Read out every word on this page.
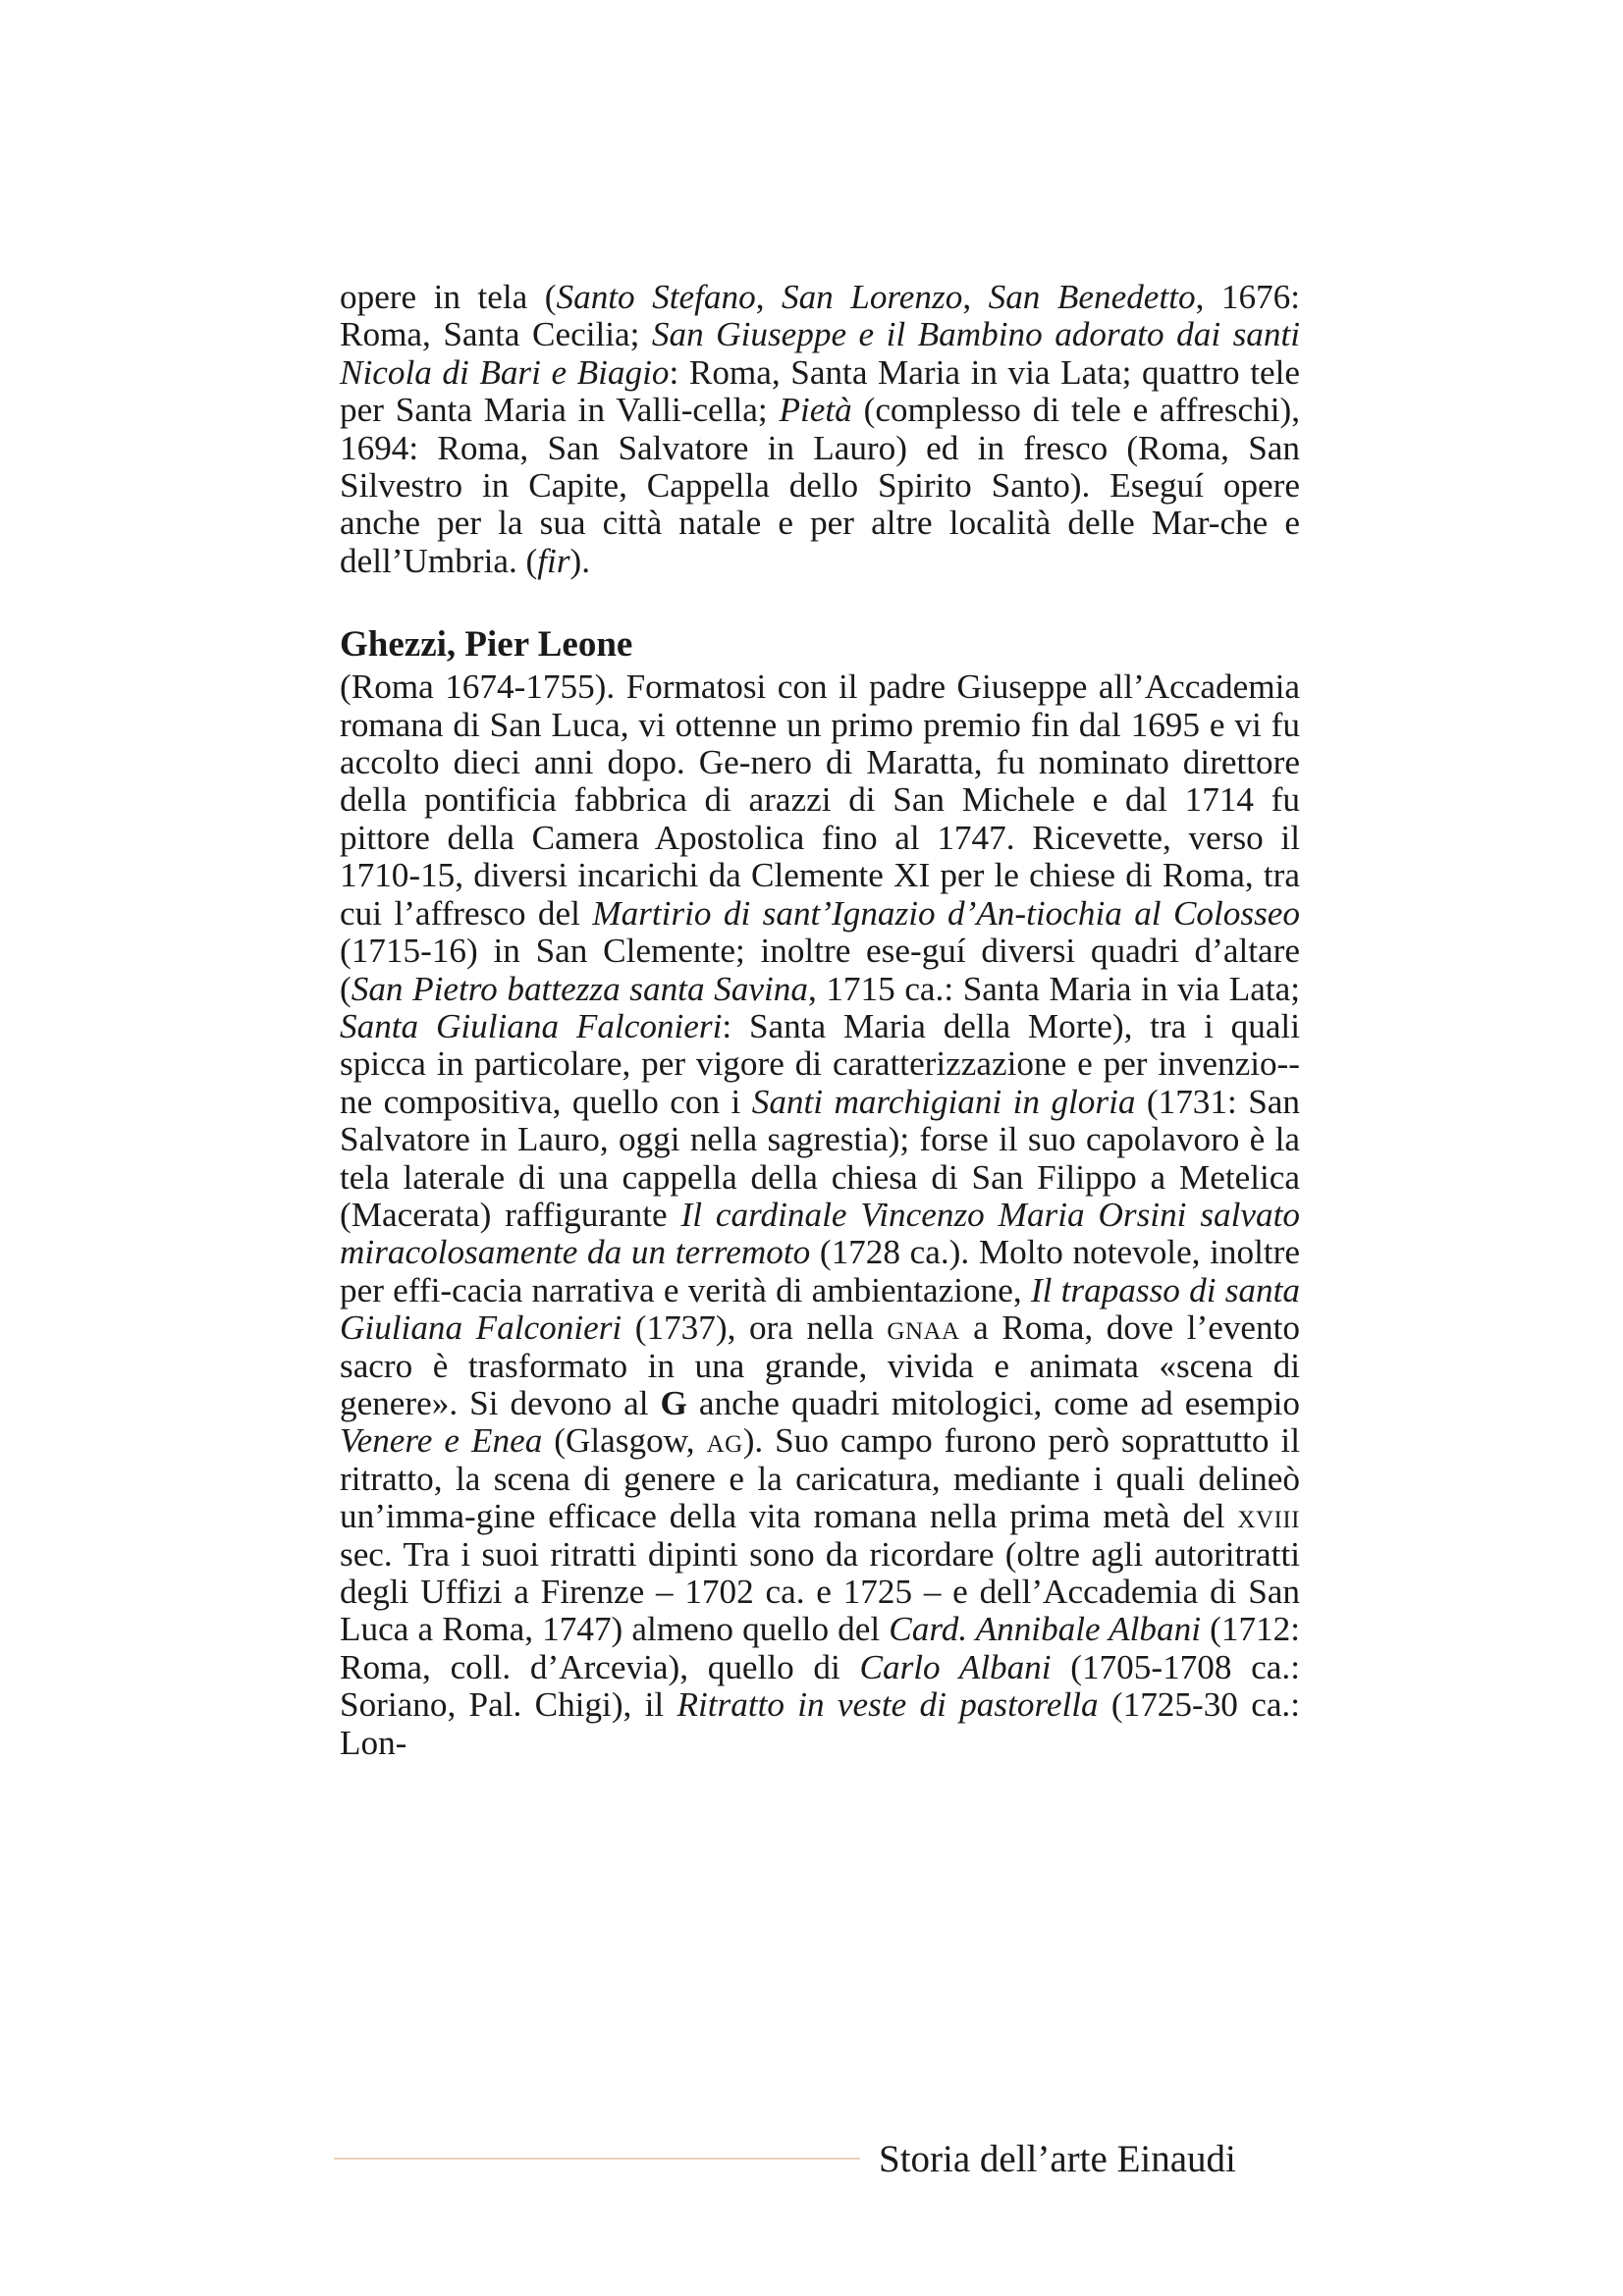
opere in tela (Santo Stefano, San Lorenzo, San Benedetto, 1676: Roma, Santa Cecilia; San Giuseppe e il Bambino adorato dai santi Nicola di Bari e Biagio: Roma, Santa Maria in via Lata; quattro tele per Santa Maria in Valli-cella; Pietà (complesso di tele e affreschi), 1694: Roma, San Salvatore in Lauro) ed in fresco (Roma, San Silvestro in Capite, Cappella dello Spirito Santo). Eseguí opere anche per la sua città natale e per altre località delle Mar-che e dell’Umbria. (fir).

Ghezzi, Pier Leone

(Roma 1674-1755). Formatosi con il padre Giuseppe all’Accademia romana di San Luca, vi ottenne un primo premio fin dal 1695 e vi fu accolto dieci anni dopo. Ge-nero di Maratta, fu nominato direttore della pontificia fabbrica di arazzi di San Michele e dal 1714 fu pittore della Camera Apostolica fino al 1747. Ricevette, verso il 1710-15, diversi incarichi da Clemente XI per le chiese di Roma, tra cui l’affresco del Martirio di sant’Ignazio d’An-tiochia al Colosseo (1715-16) in San Clemente; inoltre ese-guí diversi quadri d’altare (San Pietro battezza santa Savina, 1715 ca.: Santa Maria in via Lata; Santa Giuliana Falconieri: Santa Maria della Morte), tra i quali spicca in particolare, per vigore di caratterizzazione e per invenzio-ne compositiva, quello con i Santi marchigiani in gloria (1731: San Salvatore in Lauro, oggi nella sagrestia); forse il suo capolavoro è la tela laterale di una cappella della chiesa di San Filippo a Metelica (Macerata) raffigurante Il cardinale Vincenzo Maria Orsini salvato miracolosamente da un terremoto (1728 ca.). Molto notevole, inoltre per effi-cacia narrativa e verità di ambientazione, Il trapasso di santa Giuliana Falconieri (1737), ora nella gnaa a Roma, dove l’evento sacro è trasformato in una grande, vivida e animata «scena di genere». Si devono al G anche quadri mitologici, come ad esempio Venere e Enea (Glasgow, ag). Suo campo furono però soprattutto il ritratto, la scena di genere e la caricatura, mediante i quali delineò un’imma-gine efficace della vita romana nella prima metà del xviii sec. Tra i suoi ritratti dipinti sono da ricordare (oltre agli autoritratti degli Uffizi a Firenze – 1702 ca. e 1725 – e dell’Accademia di San Luca a Roma, 1747) almeno quello del Card. Annibale Albani (1712: Roma, coll. d’Arcevia), quello di Carlo Albani (1705-1708 ca.: Soriano, Pal. Chigi), il Ritratto in veste di pastorella (1725-30 ca.: Lon-

Storia dell’arte Einaudi
